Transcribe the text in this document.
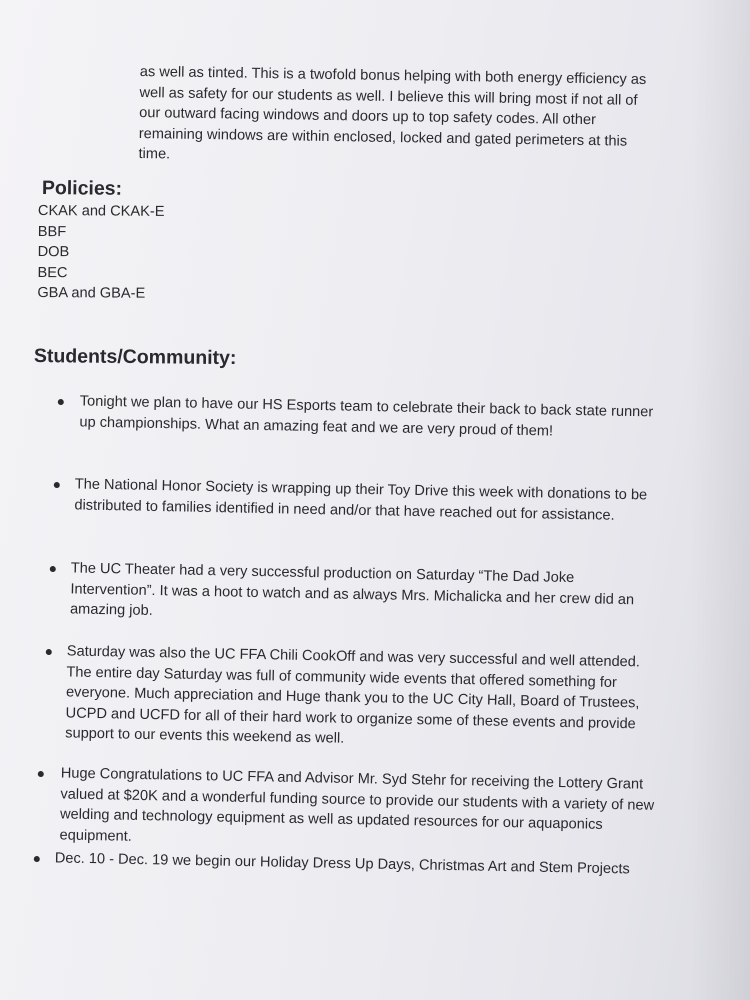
as well as tinted. This is a twofold bonus helping with both energy efficiency as well as safety for our students as well. I believe this will bring most if not all of our outward facing windows and doors up to top safety codes. All other remaining windows are within enclosed, locked and gated perimeters at this time.

Policies:
CKAK and CKAK-E
BBF
DOB
BEC
GBA and GBA-E
Students/Community:
Tonight we plan to have our HS Esports team to celebrate their back to back state runner up championships. What an amazing feat and we are very proud of them!
The National Honor Society is wrapping up their Toy Drive this week with donations to be distributed to families identified in need and/or that have reached out for assistance.
The UC Theater had a very successful production on Saturday “The Dad Joke Intervention”. It was a hoot to watch and as always Mrs. Michalicka and her crew did an amazing job.
Saturday was also the UC FFA Chili CookOff and was very successful and well attended. The entire day Saturday was full of community wide events that offered something for everyone. Much appreciation and Huge thank you to the UC City Hall, Board of Trustees, UCPD and UCFD for all of their hard work to organize some of these events and provide support to our events this weekend as well.
Huge Congratulations to UC FFA and Advisor Mr. Syd Stehr for receiving the Lottery Grant valued at $20K and a wonderful funding source to provide our students with a variety of new welding and technology equipment as well as updated resources for our aquaponics equipment.
Dec. 10 - Dec. 19 we begin our Holiday Dress Up Days, Christmas Art and Stem Projects
